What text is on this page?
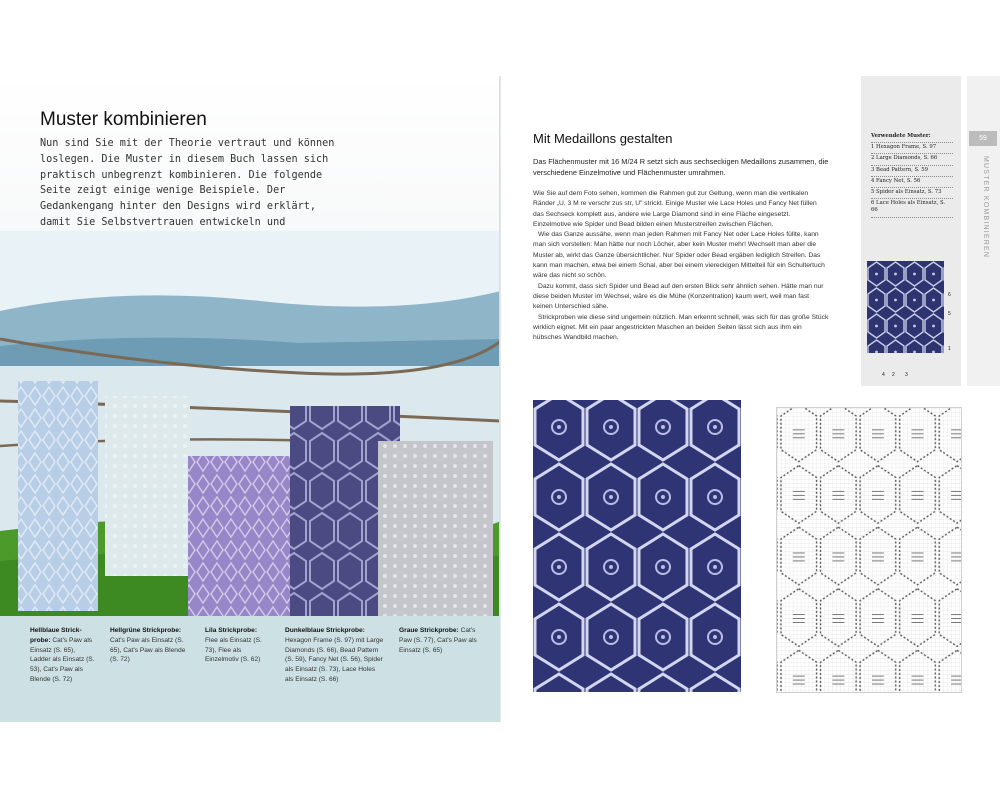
Muster kombinieren
Nun sind Sie mit der Theorie vertraut und können loslegen. Die Muster in diesem Buch lassen sich praktisch unbegrenzt kombinieren. Die folgende Seite zeigt einige wenige Beispiele. Der Gedankengang hinter den Designs wird erklärt, damit Sie Selbstvertrauen entwickeln und
Hellblaue Strick-probe: Cat's Paw als Einsatz (S. 65), Ladder als Einsatz (S. 53), Cat's Paw als Blende (S. 72)
Hellgrüne Strickprobe: Cat's Paw als Einsatz (S. 65), Cat's Paw als Blende (S. 72)
Lila Strickprobe: Flee als Einsatz (S. 73), Flee als Einzelmotiv (S. 62)
Dunkelblaue Strickprobe: Hexagon Frame (S. 97) mit Large Diamonds (S. 66), Bead Pattern (S. 59), Fancy Net (S. 56), Spider als Einsatz (S. 73), Lace Holes als Einsatz (S. 66)
Graue Strickprobe: Cat's Paw (S. 77), Cat's Paw als Einsatz (S. 65)
Mit Medaillons gestalten
Das Flächenmuster mit 16 M/24 R setzt sich aus sechseckigen Medaillons zusammen, die verschiedene Einzelmotive und Flächenmuster umrahmen.

Wie Sie auf dem Foto sehen, kommen die Rahmen gut zur Geltung, wenn man die vertikalen Ränder „U, 3 M re verschr zus str, U" strickt. Einige Muster wie Lace Holes und Fancy Net füllen das Sechseck komplett aus, andere wie Large Diamond sind in eine Fläche eingesetzt. Einzelmotive wie Spider und Bead bilden einen Musterstreifen zwischen Flächen.

Wie das Ganze aussähe, wenn man jeden Rahmen mit Fancy Net oder Lace Holes füllte, kann man sich vorstellen: Man hätte nur noch Löcher, aber kein Muster mehr! Wechselt man aber die Muster ab, wirkt das Ganze übersichtlicher. Nur Spider oder Bead ergäben lediglich Streifen. Das kann man machen, etwa bei einem Schal, aber bei einem viereckigen Mittelteil für ein Schultertuch wäre das nicht so schön.

Dazu kommt, dass sich Spider und Bead auf den ersten Blick sehr ähnlich sehen. Hätte man nur diese beiden Muster im Wechsel, wäre es die Mühe (Konzentration) kaum wert, weil man fast keinen Unterschied sähe.

Strickproben wie diese sind ungemein nützlich. Man erkennt schnell, was sich für das große Stück wirklich eignet. Mit ein paar angestrickten Maschen an beiden Seiten lässt sich aus ihm ein hübsches Wandbild machen.

Verwendete Muster:
1 Hexagon Frame, S. 97
2 Large Diamonds, S. 66
3 Bead Pattern, S. 59
4 Fancy Net, S. 56
5 Spider als Einsatz, S. 73
6 Lace Holes als Einsatz, S. 66
6
5
1
4 2 3
59
MUSTER KOMBINIEREN
